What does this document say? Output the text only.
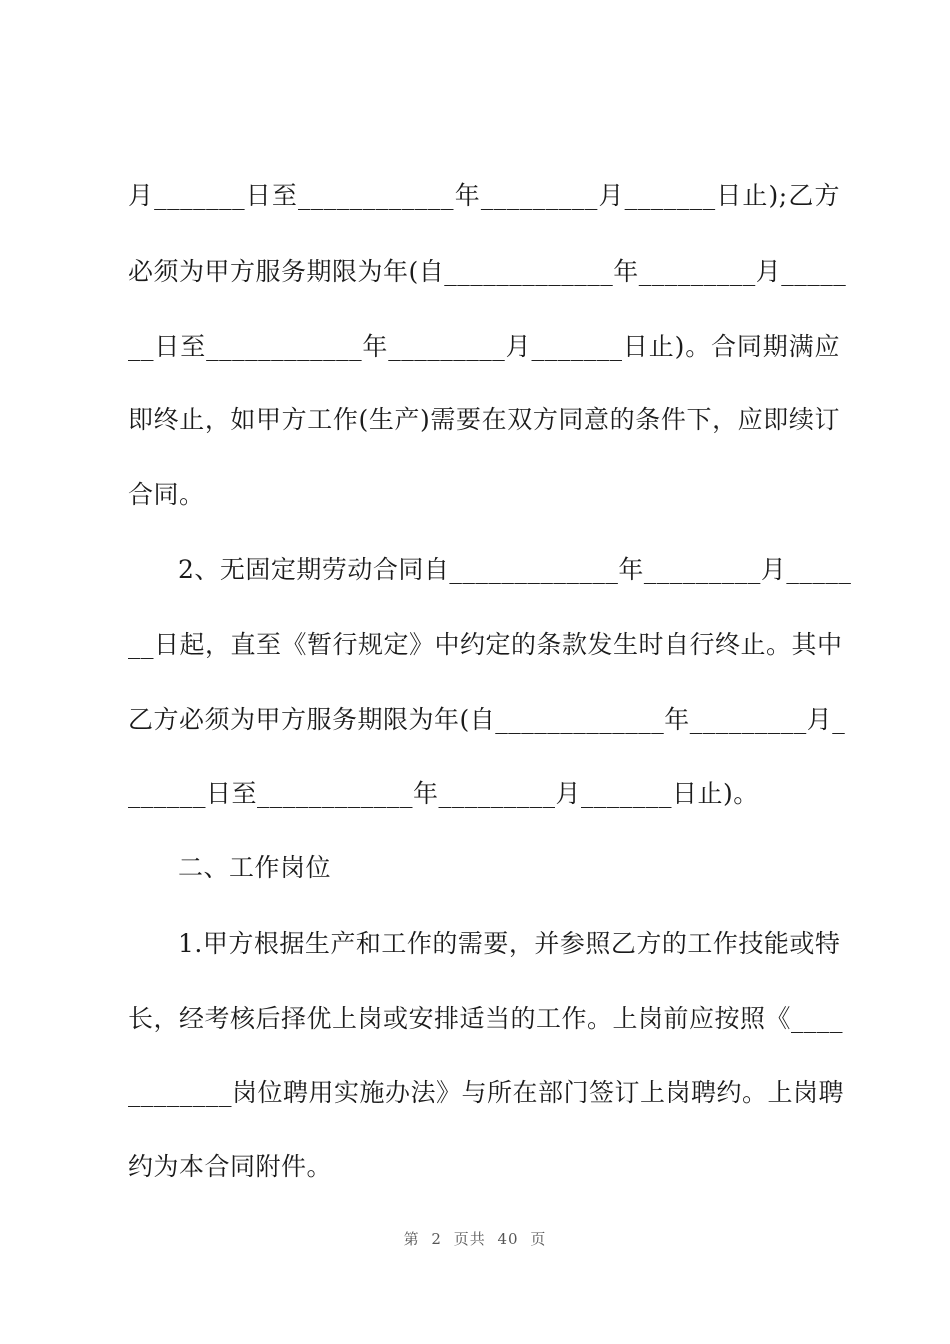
月_______日至____________年_________月_______日止);乙方
必须为甲方服务期限为年(自_____________年_________月_____
__日至____________年_________月_______日止)。合同期满应
即终止，如甲方工作(生产)需要在双方同意的条件下，应即续订
合同。
2、无固定期劳动合同自_____________年_________月_____
__日起，直至《暂行规定》中约定的条款发生时自行终止。其中
乙方必须为甲方服务期限为年(自_____________年_________月_
______日至____________年_________月_______日止)。
二、工作岗位
1.甲方根据生产和工作的需要，并参照乙方的工作技能或特
长，经考核后择优上岗或安排适当的工作。上岗前应按照《____
________岗位聘用实施办法》与所在部门签订上岗聘约。上岗聘
约为本合同附件。
第 2 页共 40 页
